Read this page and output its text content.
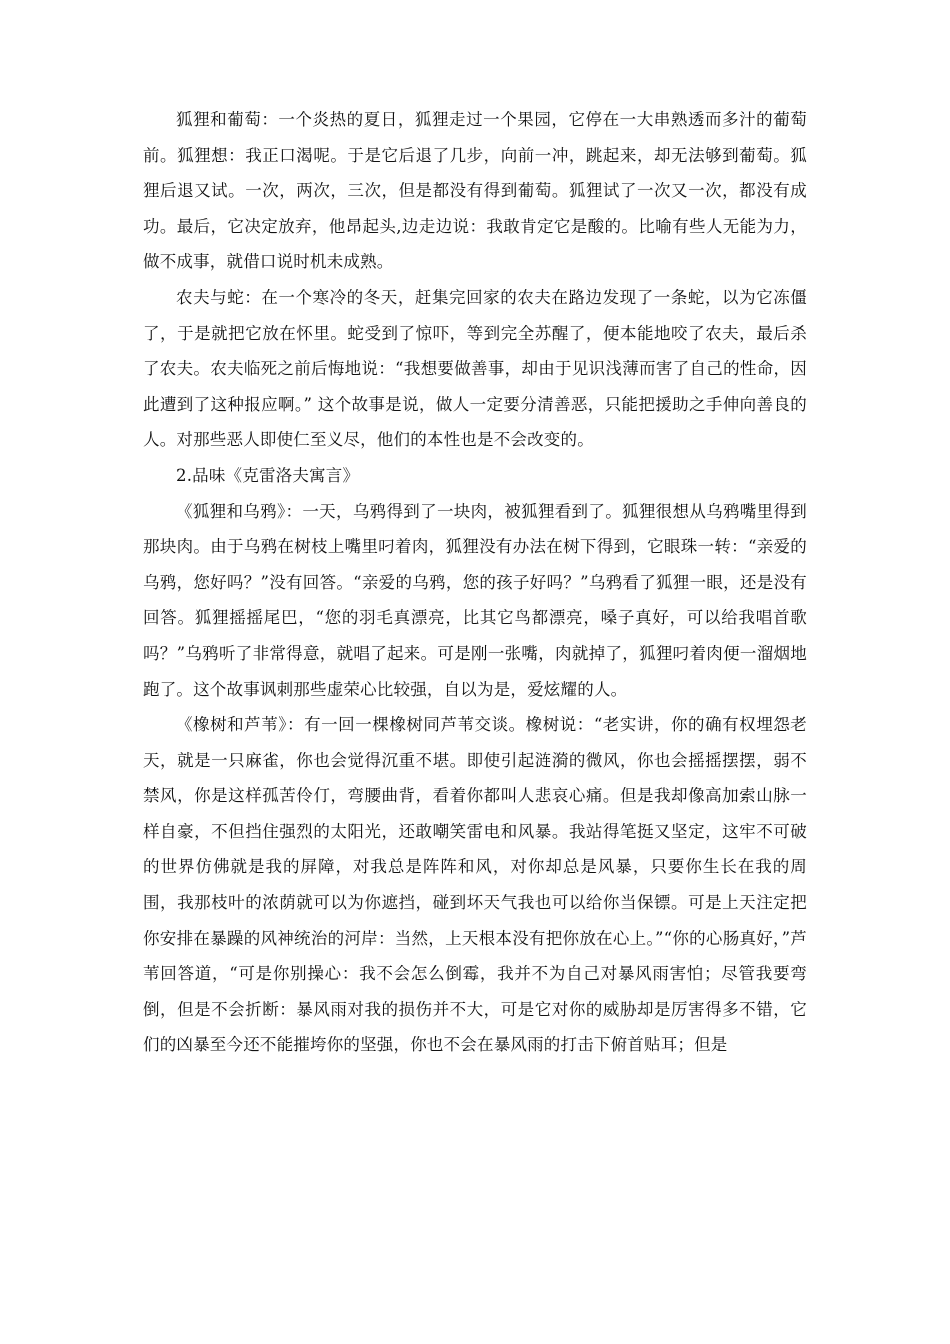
狐狸和葡萄：一个炎热的夏日，狐狸走过一个果园，它停在一大串熟透而多汁的葡萄前。狐狸想：我正口渴呢。于是它后退了几步，向前一冲，跳起来，却无法够到葡萄。狐狸后退又试。一次，两次，三次，但是都没有得到葡萄。狐狸试了一次又一次，都没有成功。最后，它决定放弃，他昂起头,边走边说：我敢肯定它是酸的。比喻有些人无能为力，做不成事，就借口说时机未成熟。

农夫与蛇：在一个寒冷的冬天，赶集完回家的农夫在路边发现了一条蛇，以为它冻僵了，于是就把它放在怀里。蛇受到了惊吓，等到完全苏醒了，便本能地咬了农夫，最后杀了农夫。农夫临死之前后悔地说：“我想要做善事，却由于见识浅薄而害了自己的性命，因此遭到了这种报应啊。” 这个故事是说，做人一定要分清善恶，只能把援助之手伸向善良的人。对那些恶人即使仁至义尽，他们的本性也是不会改变的。

2.品味《克雷洛夫寓言》

《狐狸和乌鸦》：一天，乌鸦得到了一块肉，被狐狸看到了。狐狸很想从乌鸦嘴里得到那块肉。由于乌鸦在树枝上嘴里叼着肉，狐狸没有办法在树下得到，它眼珠一转：“亲爱的乌鸦，您好吗？”没有回答。“亲爱的乌鸦，您的孩子好吗？”乌鸦看了狐狸一眼，还是没有回答。狐狸摇摇尾巴，“您的羽毛真漂亮，比其它鸟都漂亮，嗓子真好，可以给我唱首歌吗？”乌鸦听了非常得意，就唱了起来。可是刚一张嘴，肉就掉了，狐狸叼着肉便一溜烟地跑了。这个故事讽刺那些虚荣心比较强，自以为是，爱炫耀的人。

《橡树和芦苇》：有一回一棵橡树同芦苇交谈。橡树说：“老实讲，你的确有权埋怨老天，就是一只麻雀，你也会觉得沉重不堪。即使引起涟漪的微风，你也会摇摇摆摆，弱不禁风，你是这样孤苦伶仃，弯腰曲背，看着你都叫人悲哀心痛。但是我却像高加索山脉一样自豪，不但挡住强烈的太阳光，还敢嘲笑雷电和风暴。我站得笔挺又坚定，这牢不可破的世界仿佛就是我的屏障，对我总是阵阵和风，对你却总是风暴，只要你生长在我的周围，我那枝叶的浓荫就可以为你遮挡，碰到坏天气我也可以给你当保镖。可是上天注定把你安排在暴躁的风神统治的河岸：当然，上天根本没有把你放在心上。”“你的心肠真好，”芦苇回答道，“可是你别操心：我不会怎么倒霉，我并不为自己对暴风雨害怕；尽管我要弯倒，但是不会折断：暴风雨对我的损伤并不大，可是它对你的威胁却是厉害得多不错，它们的凶暴至今还不能摧垮你的坚强，你也不会在暴风雨的打击下俯首贴耳；但是
